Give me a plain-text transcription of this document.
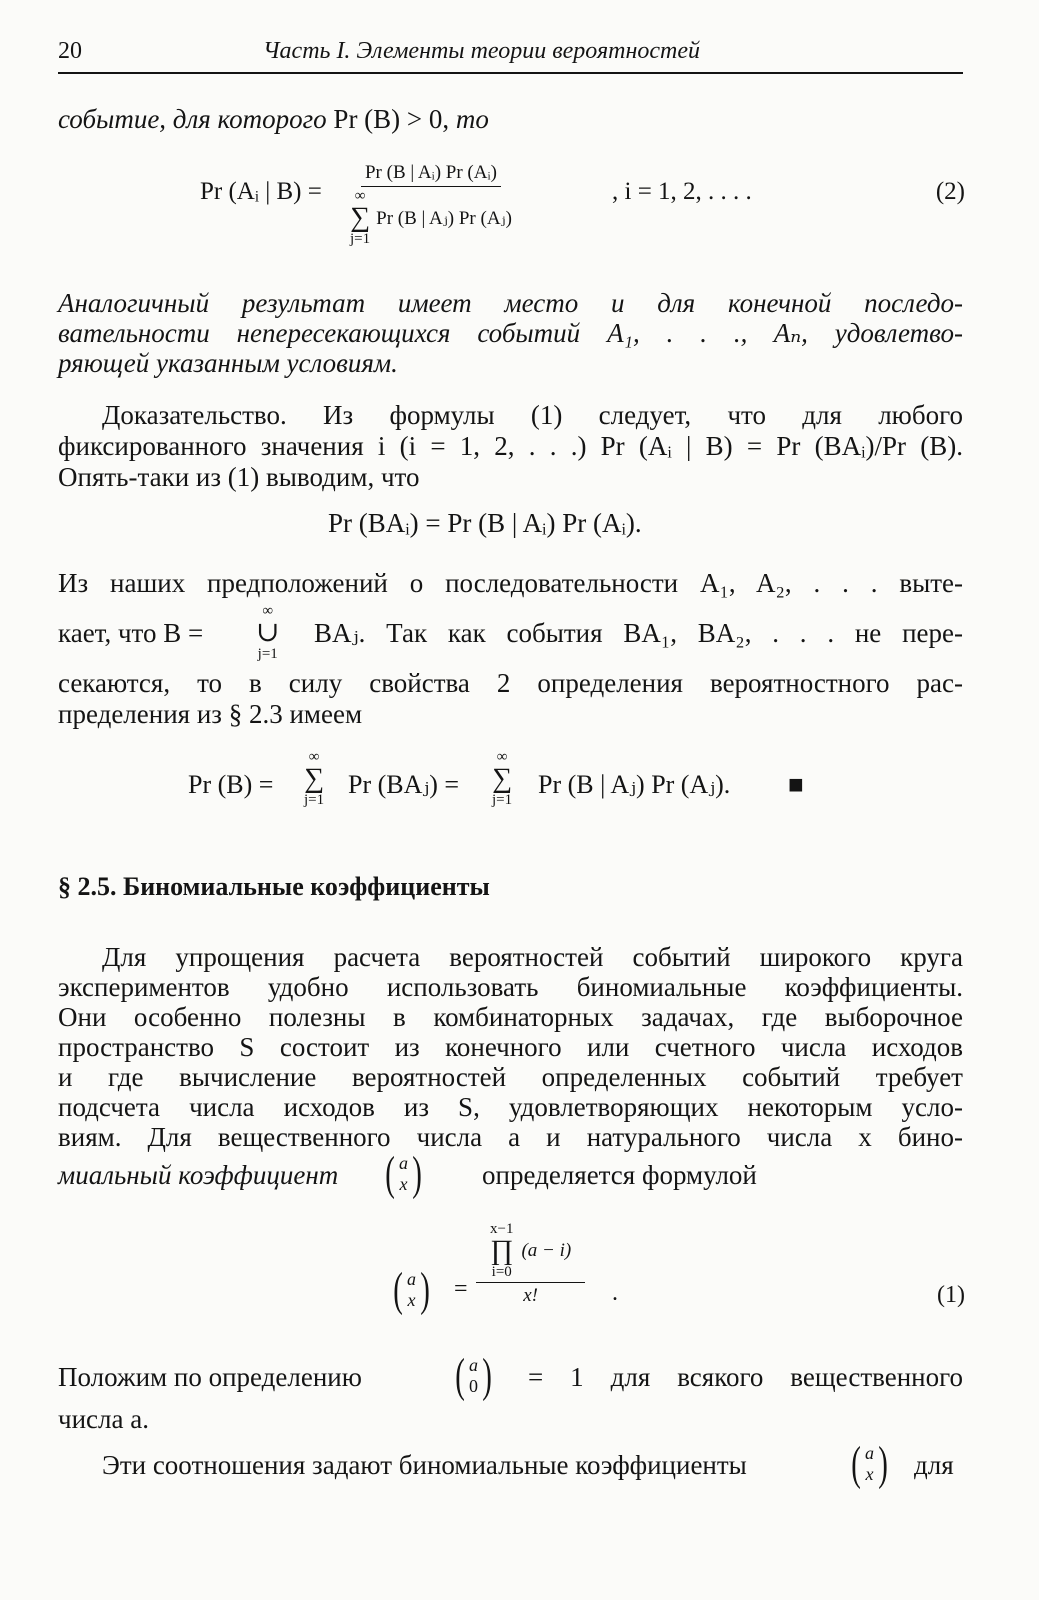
20	Часть I. Элементы теории вероятностей
событие, для которого Pr (B) > 0, то
Pr (Aᵢ | B) = Pr (B | Aᵢ) Pr (Aᵢ)
∞
∑
j=1
Pr (B | Aⱼ) Pr (Aⱼ)	, i = 1, 2, . . . .	(2)
Аналогичный результат имеет место и для конечной последо-
вательности непересекающихся событий A₁, . . ., Aₙ, удовлетво-
ряющей указанным условиям.
Доказательство. Из формулы (1) следует, что для любого
фиксированного значения i (i = 1, 2, . . .) Pr (Aᵢ | B) = Pr (BAᵢ)/Pr (B).
Опять-таки из (1) выводим, что
Pr (BAᵢ) = Pr (B | Aᵢ) Pr (Aᵢ).
Из наших предположений о последовательности A₁, A₂, . . . выте-
кает, что B =
∞
∪
j=1
BAⱼ. Так как события BA₁, BA₂, . . . не пере-
секаются, то в силу свойства 2 определения вероятностного рас-
пределения из § 2.3 имеем
Pr (B) =
∞
∑
j=1
Pr (BAⱼ) =
∞
∑
j=1
Pr (B | Aⱼ) Pr (Aⱼ). ■
§ 2.5. Биномиальные коэффициенты
Для упрощения расчета вероятностей событий широкого круга
экспериментов удобно использовать биномиальные коэффициенты.
Они особенно полезны в комбинаторных задачах, где выборочное
пространство S состоит из конечного или счетного числа исходов
и где вычисление вероятностей определенных событий требует
подсчета числа исходов из S, удовлетворяющих некоторым усло-
виям. Для вещественного числа a и натурального числа x бино-
миальный коэффициент ( a
x ) определяется формулой
( a
x ) = x−1
∏
i=0
(a − i)
x! .	(1)
Положим по определению ( a
0 ) = 1 для всякого вещественного
числа a.
Эти соотношения задают биномиальные коэффициенты ( a
x ) для
